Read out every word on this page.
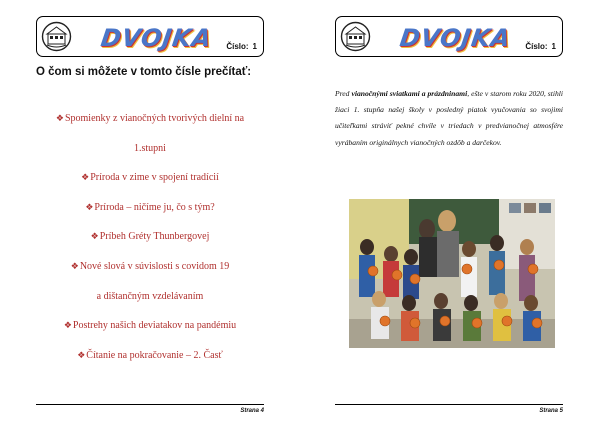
DVOJKA Číslo: 1
O čom si môžete v tomto čísle prečítať:
❖Spomienky z vianočných tvorivých dielní na
1.stupni
❖Príroda v zime v spojení tradícií
❖Príroda – ničíme ju, čo s tým?
❖Príbeh Gréty Thunbergovej
❖Nové slová v súvislosti s covidom 19
a dištančným vzdelávaním
❖Postrehy našich deviatakov na pandémiu
❖Čítanie na pokračovanie – 2. Časť
Strana 4
DVOJKA Číslo: 1
Pred vianočnými sviatkami a prázdninami, ešte v starom roku 2020, stihli žiaci 1. stupňa našej školy v posledný piatok vyučovania so svojimi učiteľkami stráviť pekné chvíle v triedach v predvianočnej atmosfére vyrábaním originálnych vianočných ozdôb a darčekov.
Strana 5
